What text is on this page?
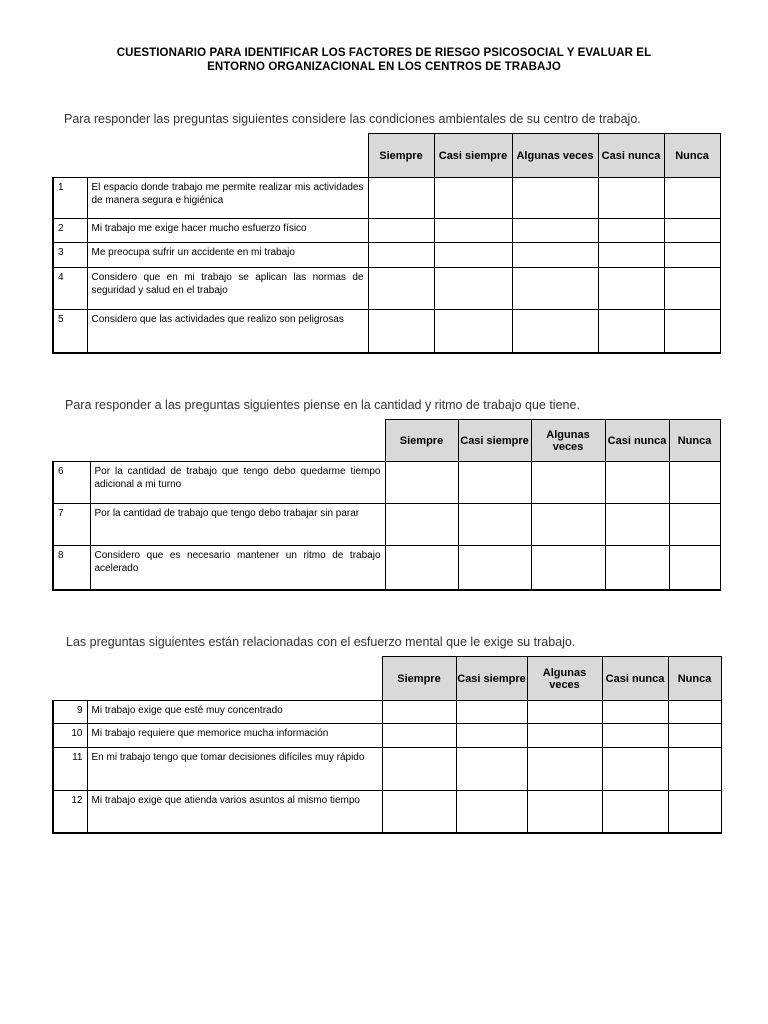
CUESTIONARIO PARA IDENTIFICAR LOS FACTORES DE RIESGO PSICOSOCIAL Y EVALUAR EL
ENTORNO ORGANIZACIONAL EN LOS CENTROS DE TRABAJO
Para responder las preguntas siguientes considere las condiciones ambientales de su centro de trabajo.
		Siempre	Casi siempre	Algunas veces	Casi nunca	Nunca
1	El espacio donde trabajo me permite realizar mis actividades de manera segura e higiénica					
2	Mi trabajo me exige hacer mucho esfuerzo físico					
3	Me preocupa sufrir un accidente en mi trabajo					
4	Considero que en mi trabajo se aplican las normas de seguridad y salud en el trabajo					
5	Considero que las actividades que realizo son peligrosas					
Para responder a las preguntas siguientes piense en la cantidad y ritmo de trabajo que tiene.
		Siempre	Casi siempre	Algunas veces	Casi nunca	Nunca
6	Por la cantidad de trabajo que tengo debo quedarme tiempo adicional a mi turno					
7	Por la cantidad de trabajo que tengo debo trabajar sin parar					
8	Considero que es necesario mantener un ritmo de trabajo acelerado					
Las preguntas siguientes están relacionadas con el esfuerzo mental que le exige su trabajo.
		Siempre	Casi siempre	Algunas veces	Casi nunca	Nunca
9	Mi trabajo exige que esté muy concentrado					
10	Mi trabajo requiere que memorice mucha información					
11	En mi trabajo tengo que tomar decisiones difíciles muy rápido					
12	Mi trabajo exige que atienda varios asuntos al mismo tiempo					
